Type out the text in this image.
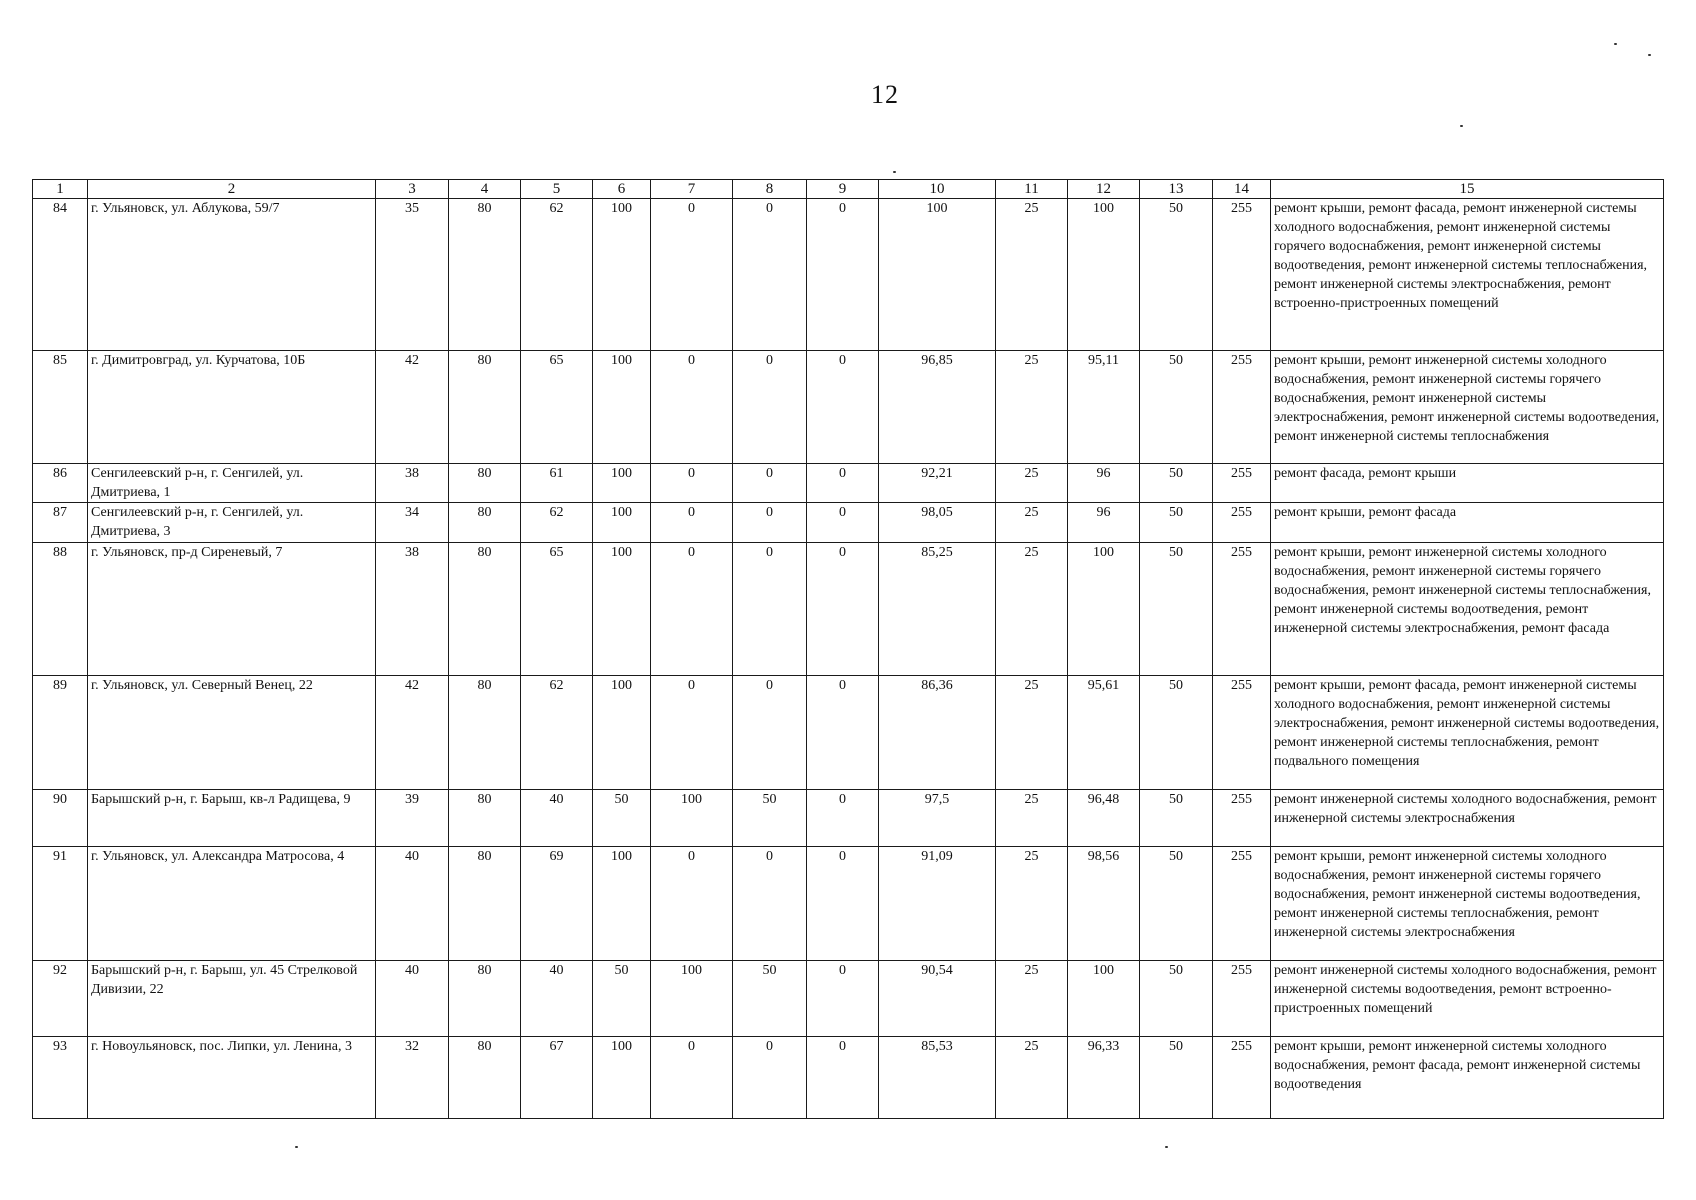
12
1	2	3	4	5	6	7	8	9	10	11	12	13	14	15
84	г. Ульяновск, ул. Аблукова, 59/7	35	80	62	100	0	0	0	100	25	100	50	255	ремонт крыши, ремонт фасада, ремонт инженерной системы холодного водоснабжения, ремонт инженерной системы горячего водоснабжения, ремонт инженерной системы водоотведения, ремонт инженерной системы теплоснабжения, ремонт инженерной системы электроснабжения, ремонт встроенно-пристроенных помещений
85	г. Димитровград, ул. Курчатова, 10Б	42	80	65	100	0	0	0	96,85	25	95,11	50	255	ремонт крыши, ремонт инженерной системы холодного водоснабжения, ремонт инженерной системы горячего водоснабжения, ремонт инженерной системы электроснабжения, ремонт инженерной системы водоотведения, ремонт инженерной системы теплоснабжения
86	Сенгилеевский р-н, г. Сенгилей, ул. Дмитриева, 1	38	80	61	100	0	0	0	92,21	25	96	50	255	ремонт фасада, ремонт крыши
87	Сенгилеевский р-н, г. Сенгилей, ул. Дмитриева, 3	34	80	62	100	0	0	0	98,05	25	96	50	255	ремонт крыши, ремонт фасада
88	г. Ульяновск, пр-д Сиреневый, 7	38	80	65	100	0	0	0	85,25	25	100	50	255	ремонт крыши, ремонт инженерной системы холодного водоснабжения, ремонт инженерной системы горячего водоснабжения, ремонт инженерной системы теплоснабжения, ремонт инженерной системы водоотведения, ремонт инженерной системы электроснабжения, ремонт фасада
89	г. Ульяновск, ул. Северный Венец, 22	42	80	62	100	0	0	0	86,36	25	95,61	50	255	ремонт крыши, ремонт фасада, ремонт инженерной системы холодного водоснабжения, ремонт инженерной системы электроснабжения, ремонт инженерной системы водоотведения, ремонт инженерной системы теплоснабжения, ремонт подвального помещения
90	Барышский р-н, г. Барыш, кв-л Радищева, 9	39	80	40	50	100	50	0	97,5	25	96,48	50	255	ремонт инженерной системы холодного водоснабжения, ремонт инженерной системы электроснабжения
91	г. Ульяновск, ул. Александра Матросова, 4	40	80	69	100	0	0	0	91,09	25	98,56	50	255	ремонт крыши, ремонт инженерной системы холодного водоснабжения, ремонт инженерной системы горячего водоснабжения, ремонт инженерной системы водоотведения, ремонт инженерной системы теплоснабжения, ремонт инженерной системы электроснабжения
92	Барышский р-н, г. Барыш, ул. 45 Стрелковой Дивизии, 22	40	80	40	50	100	50	0	90,54	25	100	50	255	ремонт инженерной системы холодного водоснабжения, ремонт инженерной системы водоотведения, ремонт встроенно-пристроенных помещений
93	г. Новоульяновск, пос. Липки, ул. Ленина, 3	32	80	67	100	0	0	0	85,53	25	96,33	50	255	ремонт крыши, ремонт инженерной системы холодного водоснабжения, ремонт фасада, ремонт инженерной системы водоотведения
